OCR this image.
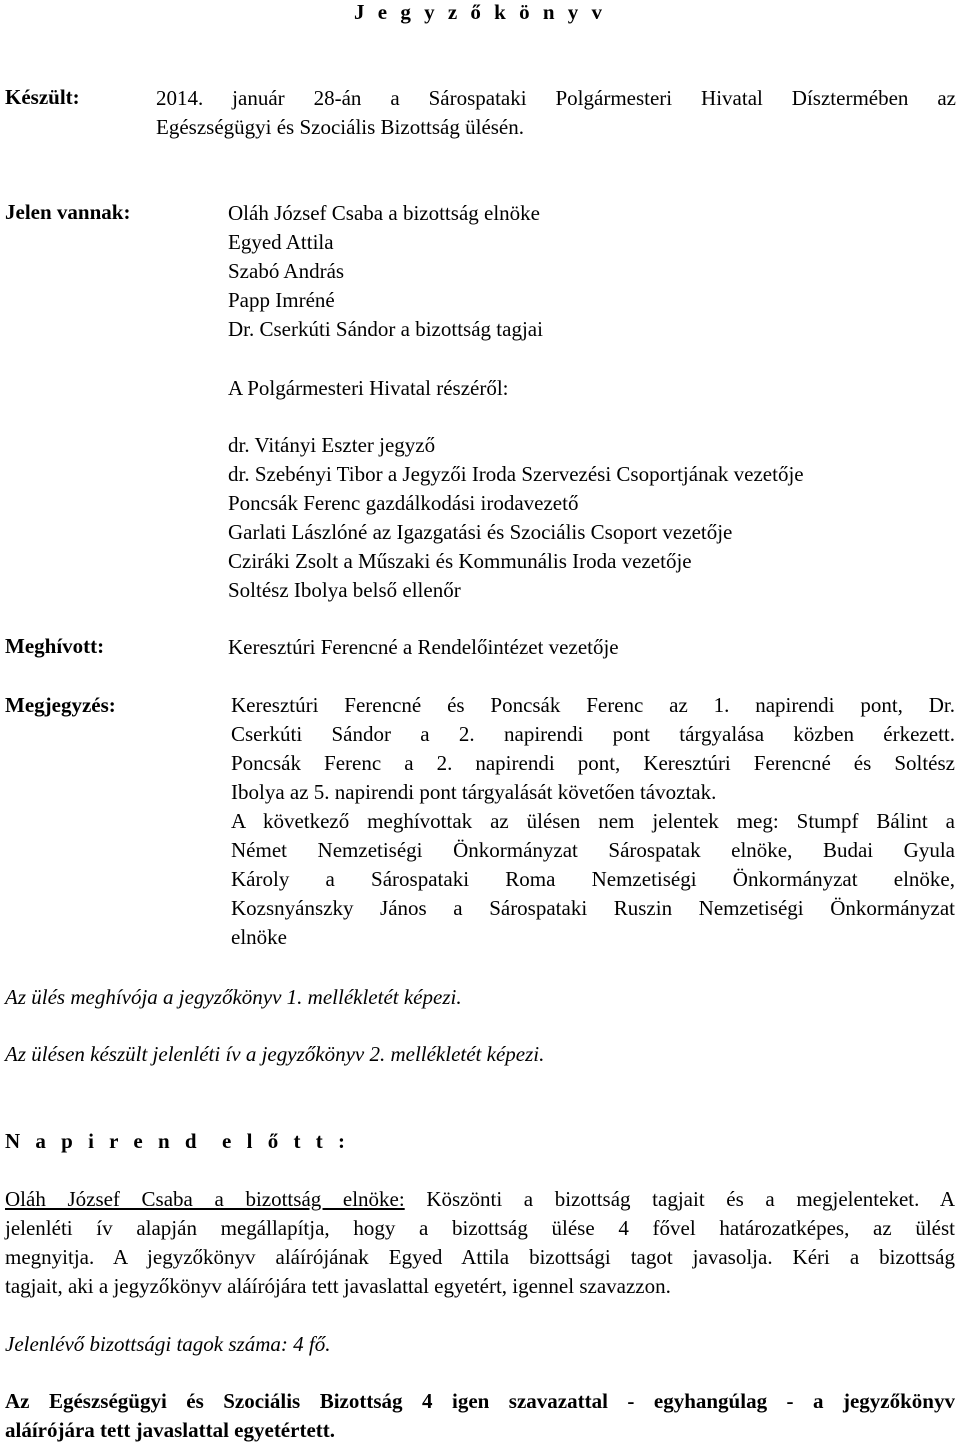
J e g y z ő k ö n y v
Készült:	2014. január 28-án a Sárospataki Polgármesteri Hivatal Dísztermében az
Egészségügyi és Szociális Bizottság ülésén.
Jelen vannak:	Oláh József Csaba a bizottság elnöke
Egyed Attila
Szabó András
Papp Imréné
Dr. Cserkúti Sándor a bizottság tagjai
A Polgármesteri Hivatal részéről:
dr. Vitányi Eszter jegyző
dr. Szebényi Tibor a Jegyzői Iroda Szervezési Csoportjának vezetője
Poncsák Ferenc gazdálkodási irodavezető
Garlati Lászlóné az Igazgatási és Szociális Csoport vezetője
Cziráki Zsolt a Műszaki és Kommunális Iroda vezetője
Soltész Ibolya belső ellenőr
Meghívott:	Keresztúri Ferencné a Rendelőintézet vezetője
Megjegyzés:	Keresztúri Ferencné és Poncsák Ferenc az 1. napirendi pont, Dr.
Cserkúti Sándor a 2. napirendi pont tárgyalása közben érkezett.
Poncsák Ferenc a 2. napirendi pont, Keresztúri Ferencné és Soltész
Ibolya az 5. napirendi pont tárgyalását követően távoztak.
A következő meghívottak az ülésen nem jelentek meg: Stumpf Bálint a
Német Nemzetiségi Önkormányzat Sárospatak elnöke, Budai Gyula
Károly a Sárospataki Roma Nemzetiségi Önkormányzat elnöke,
Kozsnyánszky János a Sárospataki Ruszin Nemzetiségi Önkormányzat
elnöke
Az ülés meghívója a jegyzőkönyv 1. mellékletét képezi.
Az ülésen készült jelenléti ív a jegyzőkönyv 2. mellékletét képezi.
N a p i r e n d  e l ő t t :
Oláh József Csaba a bizottság elnöke: Köszönti a bizottság tagjait és a megjelenteket. A
jelenléti ív alapján megállapítja, hogy a bizottság ülése 4 fővel határozatképes, az ülést
megnyitja. A jegyzőkönyv aláírójának Egyed Attila bizottsági tagot javasolja. Kéri a bizottság
tagjait, aki a jegyzőkönyv aláírójára tett javaslattal egyetért, igennel szavazzon.
Jelenlévő bizottsági tagok száma: 4 fő.
Az Egészségügyi és Szociális Bizottság 4 igen szavazattal - egyhangúlag - a jegyzőkönyv
aláírójára tett javaslattal egyetértett.
